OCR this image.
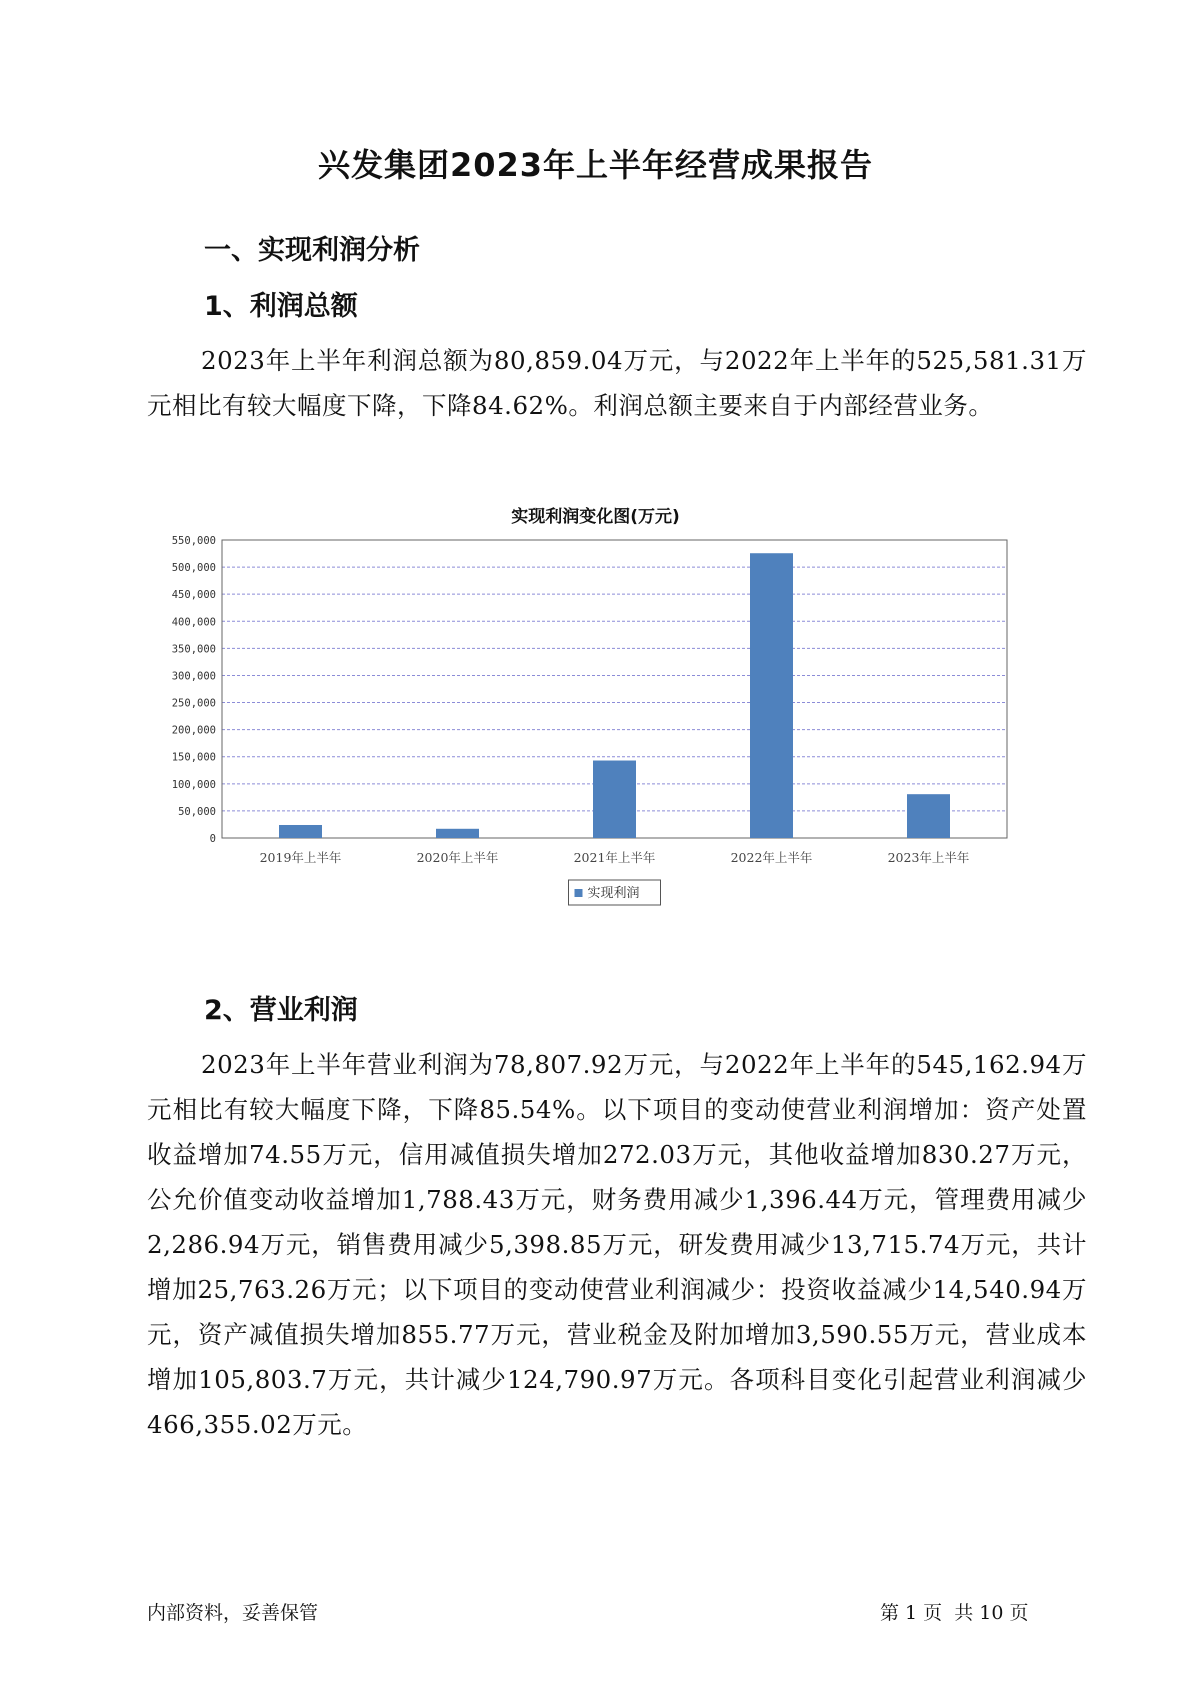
兴发集团2023年上半年经营成果报告
一、实现利润分析
1、利润总额

2023年上半年利润总额为80,859.04万元，与2022年上半年的525,581.31万元相比有较大幅度下降，下降84.62%。利润总额主要来自于内部经营业务。

实现利润变化图(万元)
0
50,000
100,000
150,000
200,000
250,000
300,000
350,000
400,000
450,000
500,000
550,000
2019年上半年	2020年上半年	2021年上半年	2022年上半年	2023年上半年
实现利润
2、营业利润

2023年上半年营业利润为78,807.92万元，与2022年上半年的545,162.94万元相比有较大幅度下降，下降85.54%。以下项目的变动使营业利润增加：资产处置收益增加74.55万元，信用减值损失增加272.03万元，其他收益增加830.27万元，公允价值变动收益增加1,788.43万元，财务费用减少1,396.44万元，管理费用减少2,286.94万元，销售费用减少5,398.85万元，研发费用减少13,715.74万元，共计增加25,763.26万元；以下项目的变动使营业利润减少：投资收益减少14,540.94万元，资产减值损失增加855.77万元，营业税金及附加增加3,590.55万元，营业成本增加105,803.7万元，共计减少124,790.97万元。各项科目变化引起营业利润减少466,355.02万元。

内部资料，妥善保管	第 1 页  共 10 页
